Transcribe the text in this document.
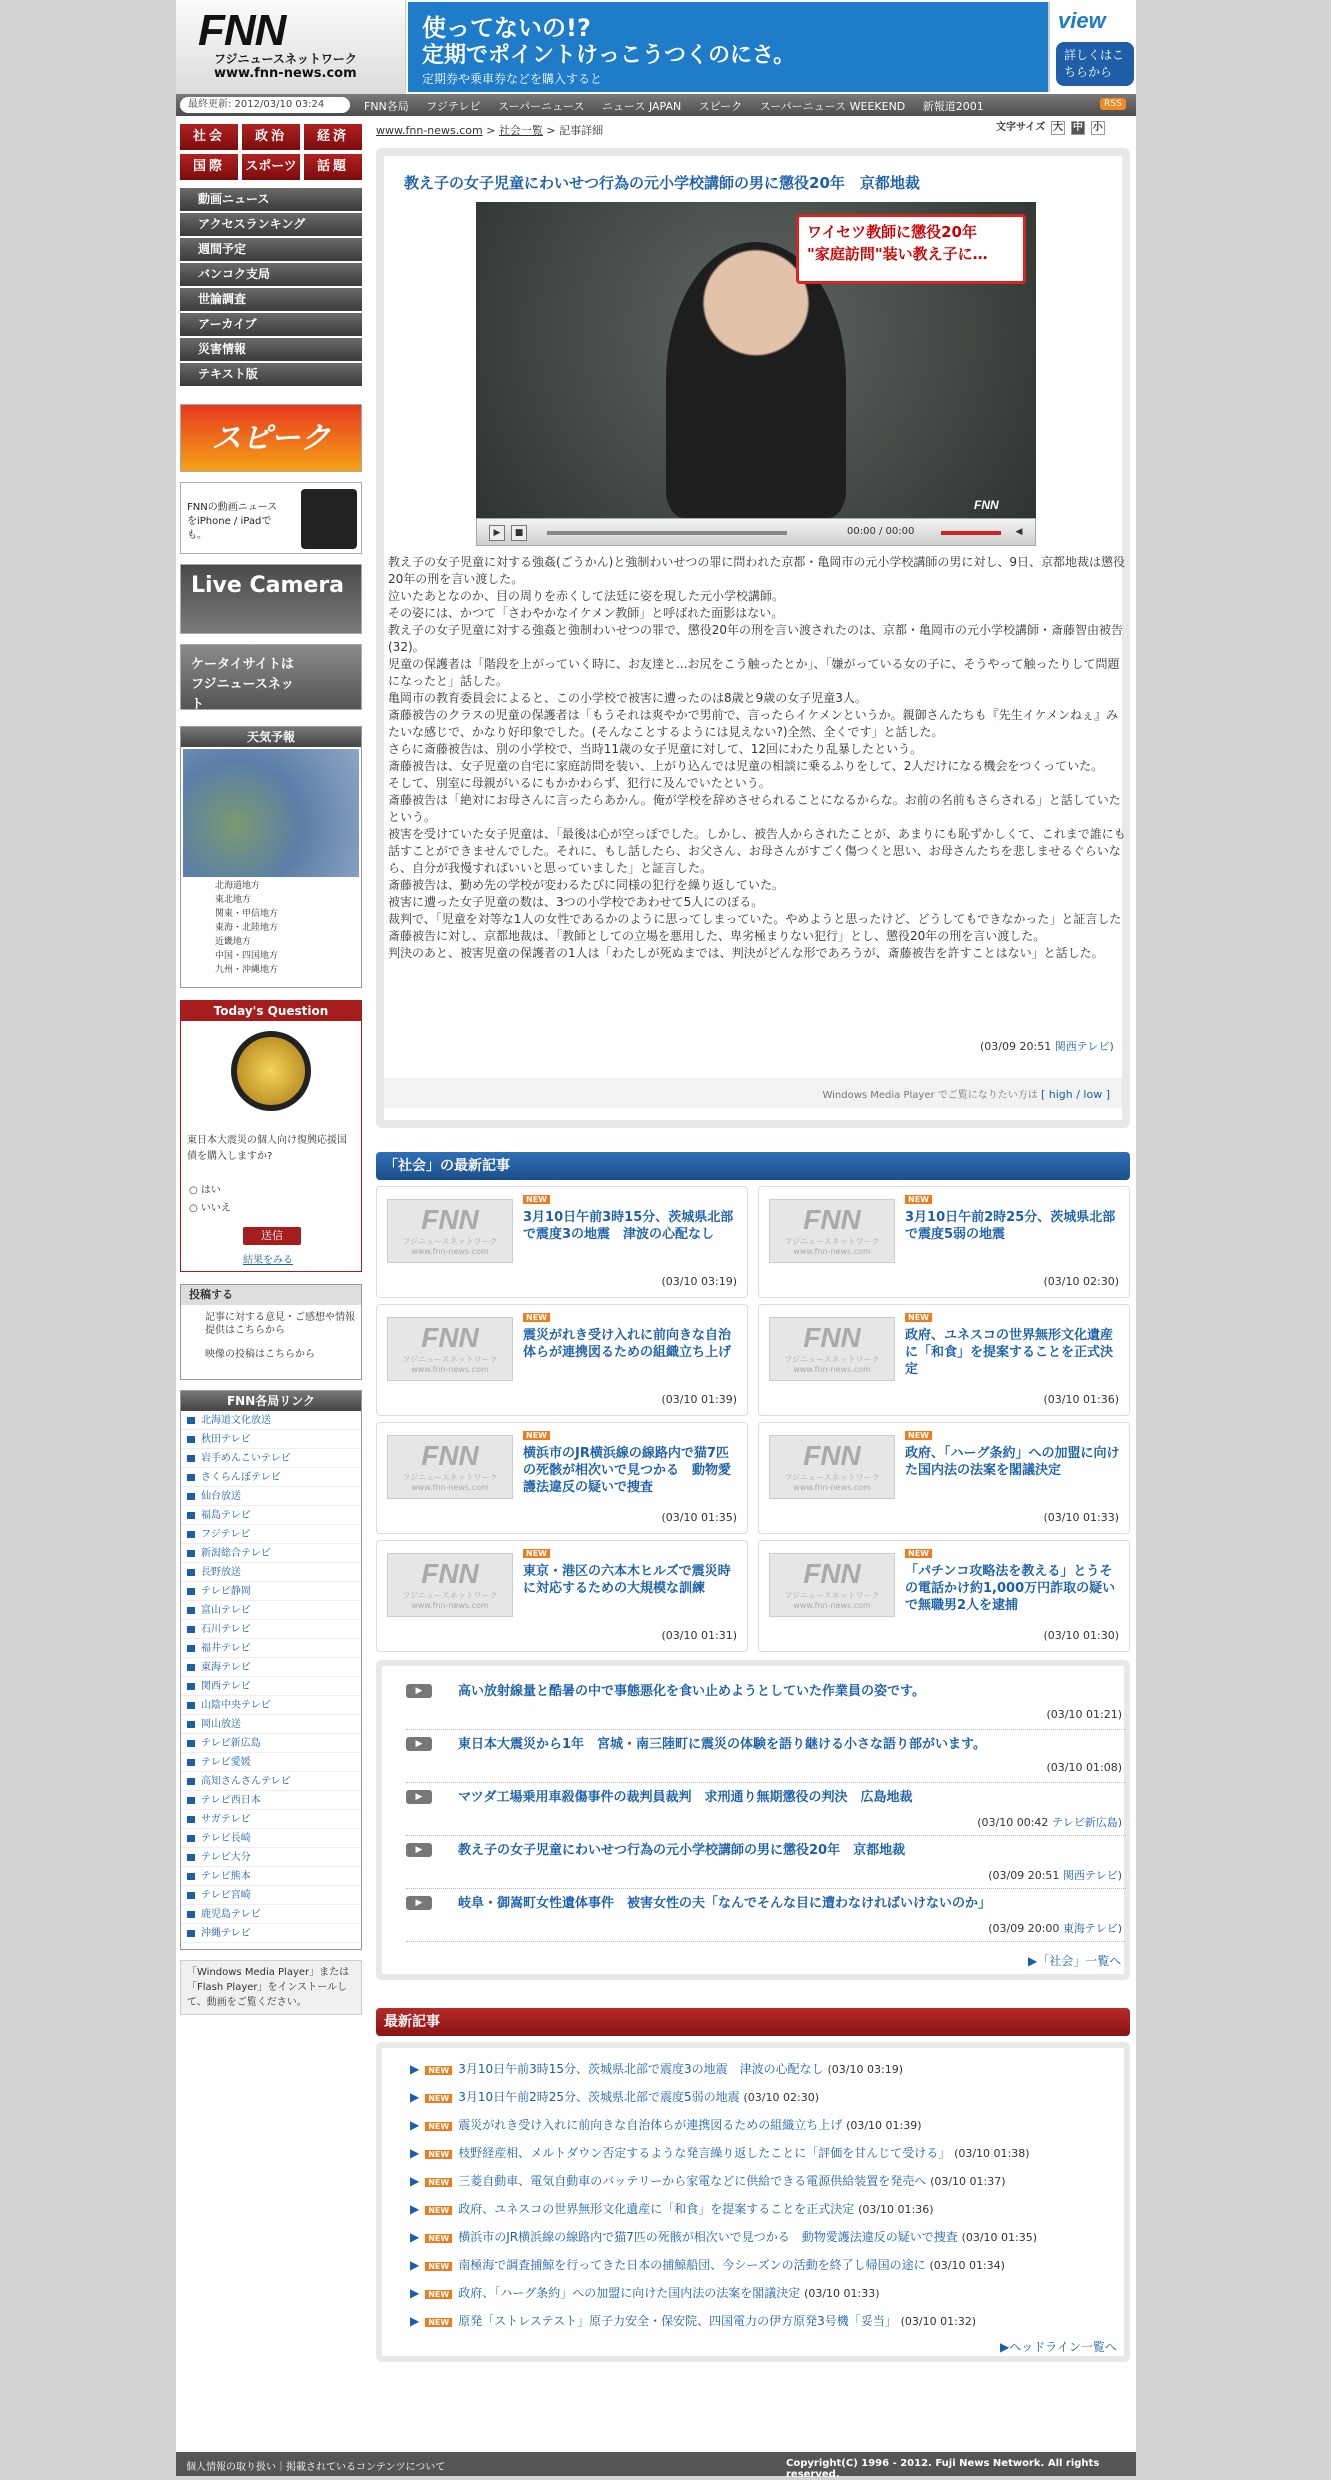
FNN
フジニュースネットワーク
www.fnn-news.com
使ってないの!?
定期でポイントけっこうつくのにさ。
定期券や乗車券などを購入すると
view
詳しくはこちらから
最終更新: 2012/03/10 03:24	FNN各局 フジテレビ スーパーニュース ニュース JAPAN スピーク スーパーニュース WEEKEND 新報道2001	RSS
社会	政治	経済
国際	スポーツ	話題
動画ニュース
アクセスランキング
週間予定
バンコク支局
世論調査
アーカイブ
災害情報
テキスト版
スピーク
FNNの動画ニュースをiPhone / iPadでも。
Live Camera
ケータイサイトは フジニュースネット
天気予報
北海道地方
東北地方
関東・甲信地方
東海・北陸地方
近畿地方
中国・四国地方
九州・沖縄地方
Today's Question
東日本大震災の個人向け復興応援国債を購入しますか?
○ はい
○ いいえ
送信
結果をみる
投稿する
記事に対する意見・ご感想や情報提供はこちらから
映像の投稿はこちらから
FNN各局リンク
北海道文化放送
秋田テレビ
岩手めんこいテレビ
さくらんぼテレビ
仙台放送
福島テレビ
フジテレビ
新潟総合テレビ
長野放送
テレビ静岡
富山テレビ
石川テレビ
福井テレビ
東海テレビ
関西テレビ
山陰中央テレビ
岡山放送
テレビ新広島
テレビ愛媛
高知さんさんテレビ
テレビ西日本
サガテレビ
テレビ長崎
テレビ大分
テレビ熊本
テレビ宮崎
鹿児島テレビ
沖縄テレビ
「Windows Media Player」または「Flash Player」をインストールして、動画をご覧ください。
www.fnn-news.com > 社会一覧 > 記事詳細	文字サイズ 大 中 小
教え子の女子児童にわいせつ行為の元小学校講師の男に懲役20年　京都地裁
ワイセツ教師に懲役20年
"家庭訪問"装い教え子に…
FNN
▶	■	00:00 / 00:00	◀
教え子の女子児童に対する強姦(ごうかん)と強制わいせつの罪に問われた京都・亀岡市の元小学校講師の男に対し、9日、京都地裁は懲役20年の刑を言い渡した。
泣いたあとなのか、目の周りを赤くして法廷に姿を現した元小学校講師。
その姿には、かつて「さわやかなイケメン教師」と呼ばれた面影はない。
教え子の女子児童に対する強姦と強制わいせつの罪で、懲役20年の刑を言い渡されたのは、京都・亀岡市の元小学校講師・斎藤智由被告(32)。
児童の保護者は「階段を上がっていく時に、お友達と...お尻をこう触ったとか」、「嫌がっている女の子に、そうやって触ったりして問題になったと」話した。
亀岡市の教育委員会によると、この小学校で被害に遭ったのは8歳と9歳の女子児童3人。
斎藤被告のクラスの児童の保護者は「もうそれは爽やかで男前で、言ったらイケメンというか。親御さんたちも『先生イケメンねぇ』みたいな感じで、かなり好印象でした。(そんなことするようには見えない?)全然、全くです」と話した。
さらに斎藤被告は、別の小学校で、当時11歳の女子児童に対して、12回にわたり乱暴したという。
斎藤被告は、女子児童の自宅に家庭訪問を装い、上がり込んでは児童の相談に乗るふりをして、2人だけになる機会をつくっていた。
そして、別室に母親がいるにもかかわらず、犯行に及んでいたという。
斎藤被告は「絶対にお母さんに言ったらあかん。俺が学校を辞めさせられることになるからな。お前の名前もさらされる」と話していたという。
被害を受けていた女子児童は、「最後は心が空っぽでした。しかし、被告人からされたことが、あまりにも恥ずかしくて、これまで誰にも話すことができませんでした。それに、もし話したら、お父さん、お母さんがすごく傷つくと思い、お母さんたちを悲しませるぐらいなら、自分が我慢すればいいと思っていました」と証言した。
斎藤被告は、勤め先の学校が変わるたびに同様の犯行を繰り返していた。
被害に遭った女子児童の数は、3つの小学校であわせて5人にのぼる。
裁判で、「児童を対等な1人の女性であるかのように思ってしまっていた。やめようと思ったけど、どうしてもできなかった」と証言した斎藤被告に対し、京都地裁は、「教師としての立場を悪用した、卑劣極まりない犯行」とし、懲役20年の刑を言い渡した。
判決のあと、被害児童の保護者の1人は「わたしが死ぬまでは、判決がどんな形であろうが、斎藤被告を許すことはない」と話した。
(03/09 20:51 関西テレビ)
Windows Media Player でご覧になりたい方は [ high / low ]
「社会」の最新記事
FNN
フジニュースネットワーク www.fnn-news.com
NEW
3月10日午前3時15分、茨城県北部で震度3の地震　津波の心配なし
(03/10 03:19)
FNN
フジニュースネットワーク www.fnn-news.com
NEW
3月10日午前2時25分、茨城県北部で震度5弱の地震
(03/10 02:30)
FNN
フジニュースネットワーク www.fnn-news.com
NEW
震災がれき受け入れに前向きな自治体らが連携図るための組織立ち上げ
(03/10 01:39)
FNN
フジニュースネットワーク www.fnn-news.com
NEW
政府、ユネスコの世界無形文化遺産に「和食」を提案することを正式決定
(03/10 01:36)
FNN
フジニュースネットワーク www.fnn-news.com
NEW
横浜市のJR横浜線の線路内で猫7匹の死骸が相次いで見つかる　動物愛護法違反の疑いで捜査
(03/10 01:35)
FNN
フジニュースネットワーク www.fnn-news.com
NEW
政府、「ハーグ条約」への加盟に向けた国内法の法案を閣議決定
(03/10 01:33)
FNN
フジニュースネットワーク www.fnn-news.com
NEW
東京・港区の六本木ヒルズで震災時に対応するための大規模な訓練
(03/10 01:31)
FNN
フジニュースネットワーク www.fnn-news.com
NEW
「パチンコ攻略法を教える」とうその電話かけ約1,000万円詐取の疑いで無職男2人を逮捕
(03/10 01:30)
▶	高い放射線量と酷暑の中で事態悪化を食い止めようとしていた作業員の姿です。
(03/10 01:21)
▶	東日本大震災から1年　宮城・南三陸町に震災の体験を語り継ける小さな語り部がいます。
(03/10 01:08)
▶	マツダ工場乗用車殺傷事件の裁判員裁判　求刑通り無期懲役の判決　広島地裁
(03/10 00:42 テレビ新広島)
▶	教え子の女子児童にわいせつ行為の元小学校講師の男に懲役20年　京都地裁
(03/09 20:51 関西テレビ)
▶	岐阜・御嵩町女性遺体事件　被害女性の夫「なんでそんな目に遭わなければいけないのか」
(03/09 20:00 東海テレビ)
▶「社会」一覧へ
最新記事
▶ NEW 3月10日午前3時15分、茨城県北部で震度3の地震　津波の心配なし (03/10 03:19)
▶ NEW 3月10日午前2時25分、茨城県北部で震度5弱の地震 (03/10 02:30)
▶ NEW 震災がれき受け入れに前向きな自治体らが連携図るための組織立ち上げ (03/10 01:39)
▶ NEW 枝野経産相、メルトダウン否定するような発言繰り返したことに「評価を甘んじて受ける」 (03/10 01:38)
▶ NEW 三菱自動車、電気自動車のバッテリーから家電などに供給できる電源供給装置を発売へ (03/10 01:37)
▶ NEW 政府、ユネスコの世界無形文化遺産に「和食」を提案することを正式決定 (03/10 01:36)
▶ NEW 横浜市のJR横浜線の線路内で猫7匹の死骸が相次いで見つかる　動物愛護法違反の疑いで捜査 (03/10 01:35)
▶ NEW 南極海で調査捕鯨を行ってきた日本の捕鯨船団、今シーズンの活動を終了し帰国の途に (03/10 01:34)
▶ NEW 政府、「ハーグ条約」への加盟に向けた国内法の法案を閣議決定 (03/10 01:33)
▶ NEW 原発「ストレステスト」原子力安全・保安院、四国電力の伊方原発3号機「妥当」 (03/10 01:32)
▶ヘッドライン一覧へ
個人情報の取り扱い｜掲載されているコンテンツについて	Copyright(C) 1996 - 2012. Fuji News Network. All rights reserved.
